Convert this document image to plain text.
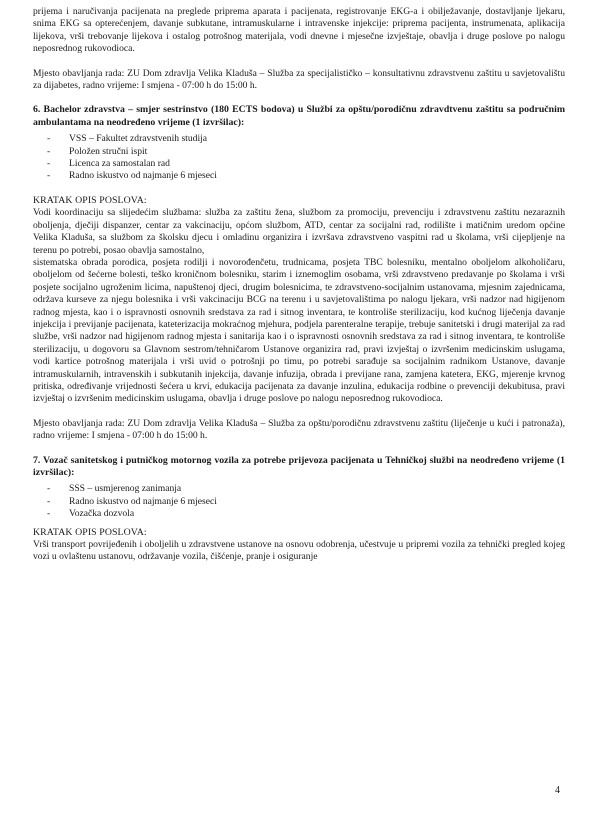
prijema i naručivanja pacijenata na preglede priprema aparata i pacijenata, registrovanje EKG-a i obilježavanje, dostavljanje ljekaru, snima EKG sa opterećenjem, davanje subkutane, intramuskularne i intravenske injekcije: priprema pacijenta, instrumenata, aplikacija lijekova, vrši trebovanje lijekova i ostalog potrošnog materijala, vodi dnevne i mjesečne izvještaje, obavlja i druge poslove po nalogu neposrednog rukovodioca.

Mjesto obavljanja rada: ZU Dom zdravlja Velika Kladuša – Služba za specijalističko – konsultativnu zdravstvenu zaštitu u savjetovalištu za dijabetes, radno vrijeme: I smjena - 07:00 h do 15:00 h.

6. Bachelor zdravstva – smjer sestrinstvo (180 ECTS bodova) u Službi za opštu/porodičnu zdravdtvenu zaštitu sa područnim ambulantama na neodređeno vrijeme (1 izvršilac):

-	VSS – Fakultet zdravstvenih studija
-	Položen stručni ispit
-	Licenca za samostalan rad
-	Radno iskustvo od najmanje 6 mjeseci
KRATAK OPIS POSLOVA:

Vodi koordinaciju sa slijedećim službama: služba za zaštitu žena, službom za promociju, prevenciju i zdravstvenu zaštitu nezaraznih oboljenja, dječiji dispanzer, centar za vakcinaciju, općom službom, ATD, centar za socijalni rad, rodilište i matičnim uredom općine Velika Kladuša, sa službom za školsku djecu i omladinu organizira i izvršava zdravstveno vaspitni rad u školama, vrši cijepljenje na terenu po potrebi, posao obavlja samostalno,

sistematska obrada porodica, posjeta rodilji i novorođenčetu, trudnicama, posjeta TBC bolesniku, mentalno oboljelom alkoholičaru, oboljelom od šećerne bolesti, teško kroničnom bolesniku, starim i iznemoglim osobama, vrši zdravstveno predavanje po školama i vrši posjete socijalno ugroženim licima, napuštenoj djeci, drugim bolesnicima, te zdravstveno-socijalnim ustanovama, mjesnim zajednicama, održava kurseve za njegu bolesnika i vrši vakcinaciju BCG na terenu i u savjetovalištima po nalogu ljekara, vrši nadzor nad higijenom radnog mjesta, kao i o ispravnosti osnovnih sredstava za rad i sitnog inventara, te kontroliše sterilizaciju, kod kućnog liječenja davanje injekcija i previjanje pacijenata, kateterizacija mokraćnog mjehura, podjela parenteralne terapije, trebuje sanitetski i drugi materijal za rad službe, vrši nadzor nad higijenom radnog mjesta i sanitarija kao i o ispravnosti osnovnih sredstava za rad i sitnog inventara, te kontroliše sterilizaciju, u dogovoru sa Glavnom sestrom/tehničarom Ustanove organizira rad, pravi izvještaj o izvršenim medicinskim uslugama, vodi kartice potrošnog materijala i vrši uvid o potrošnji po timu, po potrebi sarađuje sa socijalnim radnikom Ustanove, davanje intramuskularnih, intravenskih i subkutanih injekcija, davanje infuzija, obrada i previjane rana, zamjena katetera, EKG, mjerenje krvnog pritiska, određivanje vrijednosti šećera u krvi, edukacija pacijenata za davanje inzulina, edukacija rodbine o prevenciji dekubitusa, pravi izvještaj o izvršenim medicinskim uslugama, obavlja i druge poslove po nalogu neposrednog rukovodioca.

Mjesto obavljanja rada: ZU Dom zdravlja Velika Kladuša – Služba za opštu/porodičnu zdravstvenu zaštitu (liječenje u kući i patronaža), radno vrijeme: I smjena - 07:00 h do 15:00 h.

7. Vozač sanitetskog i putničkog motornog vozila za potrebe prijevoza pacijenata u Tehničkoj službi na neodređeno vrijeme (1 izvršilac):

-	SSS – usmjerenog zanimanja
-	Radno iskustvo od najmanje 6 mjeseci
-	Vozačka dozvola
KRATAK OPIS POSLOVA:

Vrši transport povrijeđenih i oboljelih u zdravstvene ustanove na osnovu odobrenja, učestvuje u pripremi vozila za tehnički pregled kojeg vozi u ovlaštenu ustanovu, održavanje vozila, čišćenje, pranje i osiguranje

4
